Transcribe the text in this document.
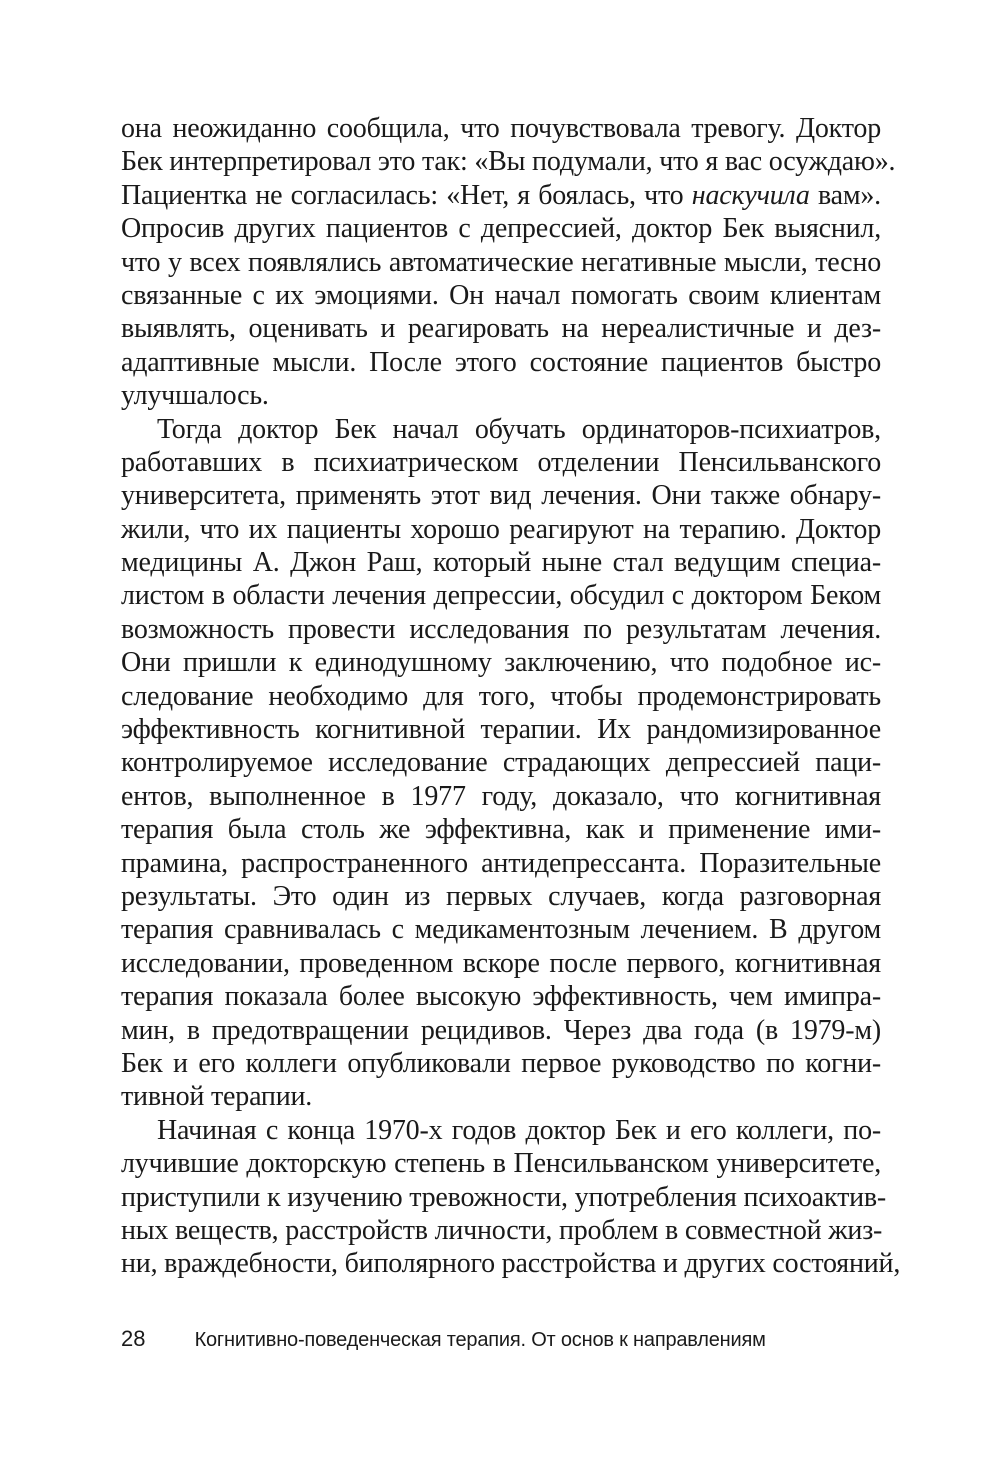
она неожиданно сообщила, что почувствовала тревогу. Доктор
Бек интерпретировал это так: «Вы подумали, что я вас осуждаю».
Пациентка не согласилась: «Нет, я боялась, что наскучила вам».
Опросив других пациентов с депрессией, доктор Бек выяснил,
что у всех появлялись автоматические негативные мысли, тесно
связанные с их эмоциями. Он начал помогать своим клиентам
выявлять, оценивать и реагировать на нереалистичные и дез-
адаптивные мысли. После этого состояние пациентов быстро
улучшалось.
Тогда доктор Бек начал обучать ординаторов-психиатров,
работавших в психиатрическом отделении Пенсильванского
университета, применять этот вид лечения. Они также обнару-
жили, что их пациенты хорошо реагируют на терапию. Доктор
медицины А. Джон Раш, который ныне стал ведущим специа-
листом в области лечения депрессии, обсудил с доктором Беком
возможность провести исследования по результатам лечения.
Они пришли к единодушному заключению, что подобное ис-
следование необходимо для того, чтобы продемонстрировать
эффективность когнитивной терапии. Их рандомизированное
контролируемое исследование страдающих депрессией паци-
ентов, выполненное в 1977 году, доказало, что когнитивная
терапия была столь же эффективна, как и применение ими-
прамина, распространенного антидепрессанта. Поразительные
результаты. Это один из первых случаев, когда разговорная
терапия сравнивалась с медикаментозным лечением. В другом
исследовании, проведенном вскоре после первого, когнитивная
терапия показала более высокую эффективность, чем имипра-
мин, в предотвращении рецидивов. Через два года (в 1979-м)
Бек и его коллеги опубликовали первое руководство по когни-
тивной терапии.
Начиная с конца 1970-х годов доктор Бек и его коллеги, по-
лучившие докторскую степень в Пенсильванском университете,
приступили к изучению тревожности, употребления психоактив-
ных веществ, расстройств личности, проблем в совместной жиз-
ни, враждебности, биполярного расстройства и других состояний,
28 Когнитивно-поведенческая терапия. От основ к направлениям
